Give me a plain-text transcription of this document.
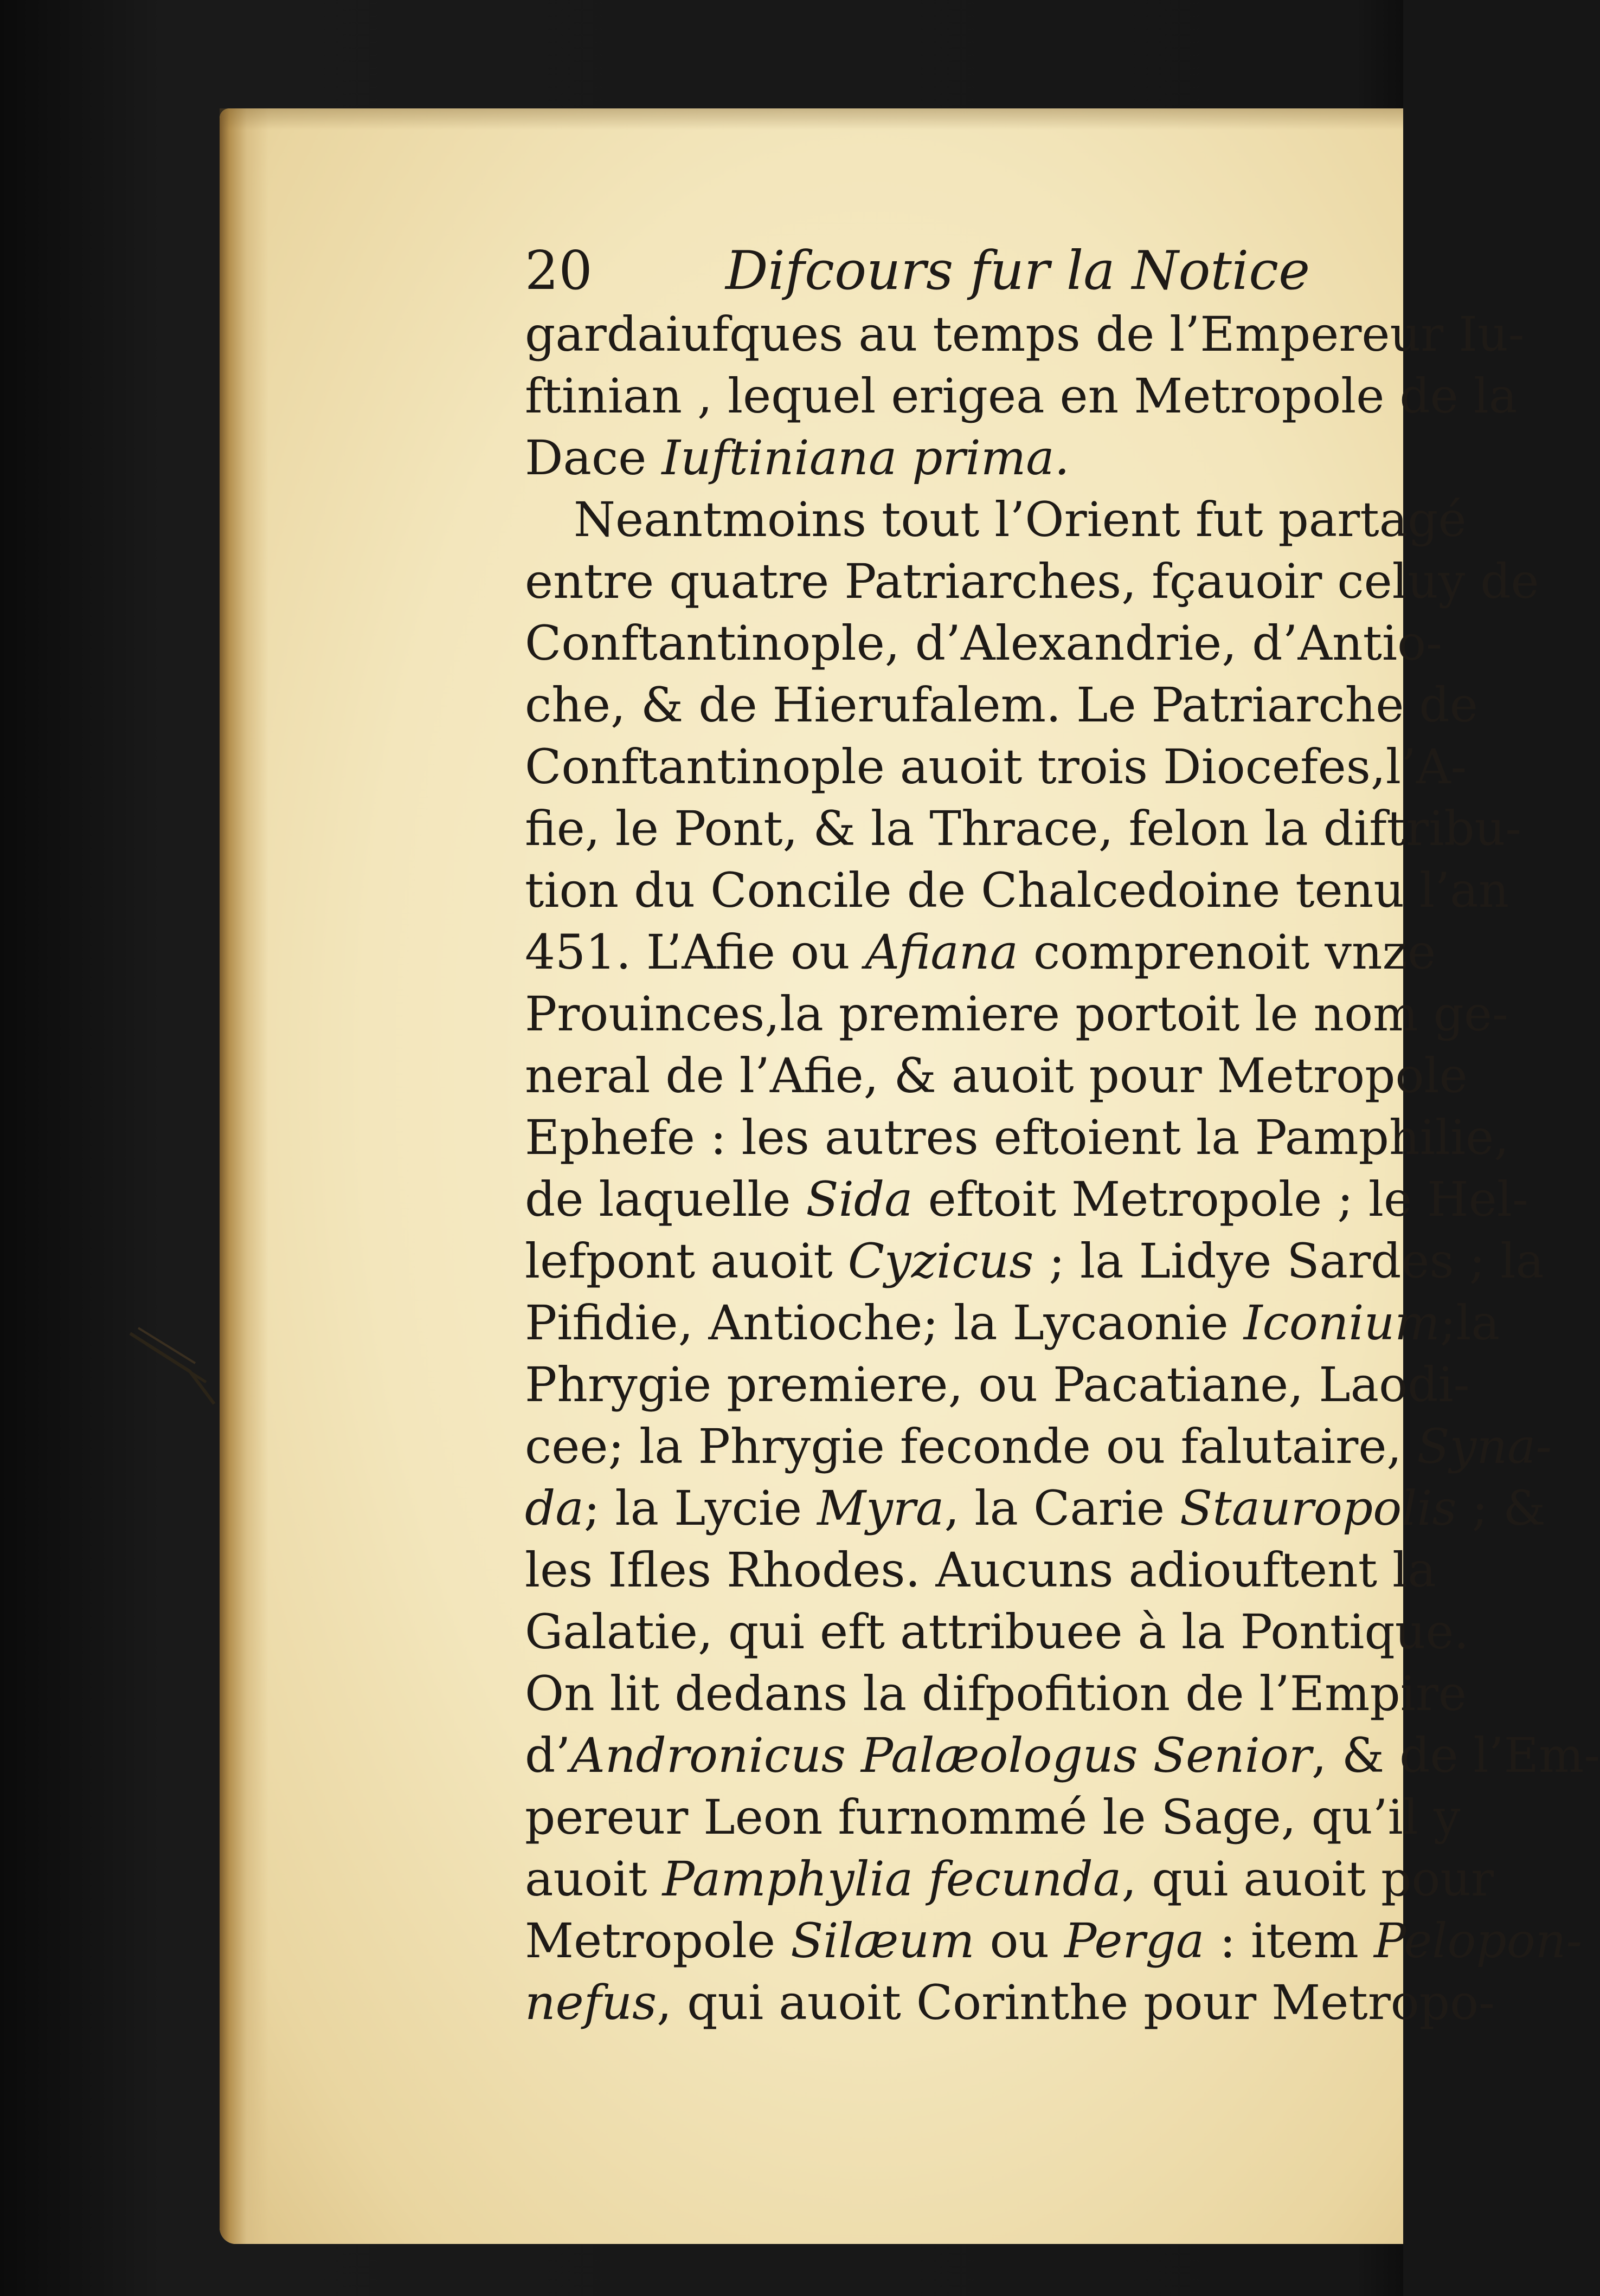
20	Difcours fur la Notice
gardaiufques au temps de l’Empereur Iu-
ftinian , lequel erigea en Metropole de la
Dace Iuftiniana prima.
Neantmoins tout l’Orient fut partagé
entre quatre Patriarches, fçauoir celuy de
Conftantinople, d’Alexandrie, d’Antio-
che, & de Hierufalem. Le Patriarche de
Conftantinople auoit trois Diocefes,l’A-
fie, le Pont, & la Thrace, felon la diftribu-
tion du Concile de Chalcedoine tenu l’an
451. L’Afie ou Afiana comprenoit vnze
Prouinces,la premiere portoit le nom ge-
neral de l’Afie, & auoit pour Metropole
Ephefe : les autres eftoient la Pamphilie,
de laquelle Sida eftoit Metropole ; le Hel-
lefpont auoit Cyzicus ; la Lidye Sardes ; la
Pifidie, Antioche; la Lycaonie Iconium;la
Phrygie premiere, ou Pacatiane, Laodi-
cee; la Phrygie feconde ou falutaire, Syna-
da; la Lycie Myra, la Carie Stauropolis ; &
les Ifles Rhodes. Aucuns adiouftent la
Galatie, qui eft attribuee à la Pontique.
On lit dedans la difpofition de l’Empire
d’Andronicus Palæologus Senior, & de l’Em-
pereur Leon furnommé le Sage, qu’il y
auoit Pamphylia fecunda, qui auoit pour
Metropole Silæum ou Perga : item Pelopon-
nefus, qui auoit Corinthe pour Metropo-
